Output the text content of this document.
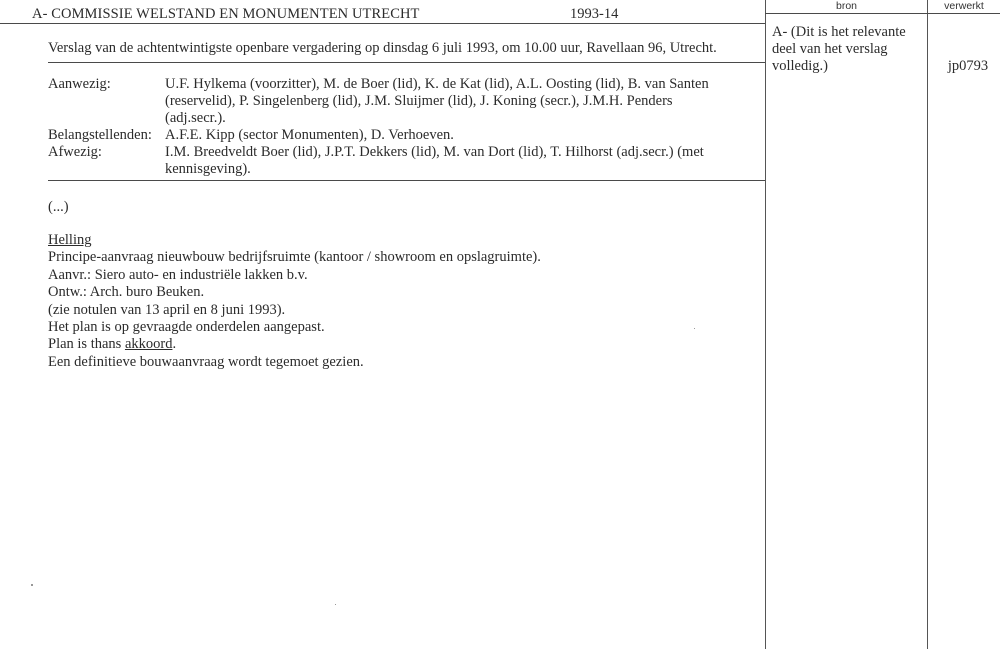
A- COMMISSIE WELSTAND EN MONUMENTEN UTRECHT	1993-14
Verslag van de achtentwintigste openbare vergadering op dinsdag 6 juli 1993, om 10.00 uur, Ravellaan 96, Utrecht.
Aanwezig:	U.F. Hylkema (voorzitter), M. de Boer (lid), K. de Kat (lid), A.L. Oosting (lid), B. van Santen
(reservelid), P. Singelenberg (lid), J.M. Sluijmer (lid), J. Koning (secr.), J.M.H. Penders
(adj.secr.).
Belangstellenden: A.F.E. Kipp (sector Monumenten), D. Verhoeven.
Afwezig:	I.M. Breedveldt Boer (lid), J.P.T. Dekkers (lid), M. van Dort (lid), T. Hilhorst (adj.secr.) (met
kennisgeving).
(...)
Helling
Principe-aanvraag nieuwbouw bedrijfsruimte (kantoor / showroom en opslagruimte).
Aanvr.: Siero auto- en industriële lakken b.v.
Ontw.: Arch. buro Beuken.
(zie notulen van 13 april en 8 juni 1993).
Het plan is op gevraagde onderdelen aangepast.
Plan is thans akkoord.
Een definitieve bouwaanvraag wordt tegemoet gezien.
bron	verwerkt
A- (Dit is het relevante deel van het verslag volledig.)	jp0793
